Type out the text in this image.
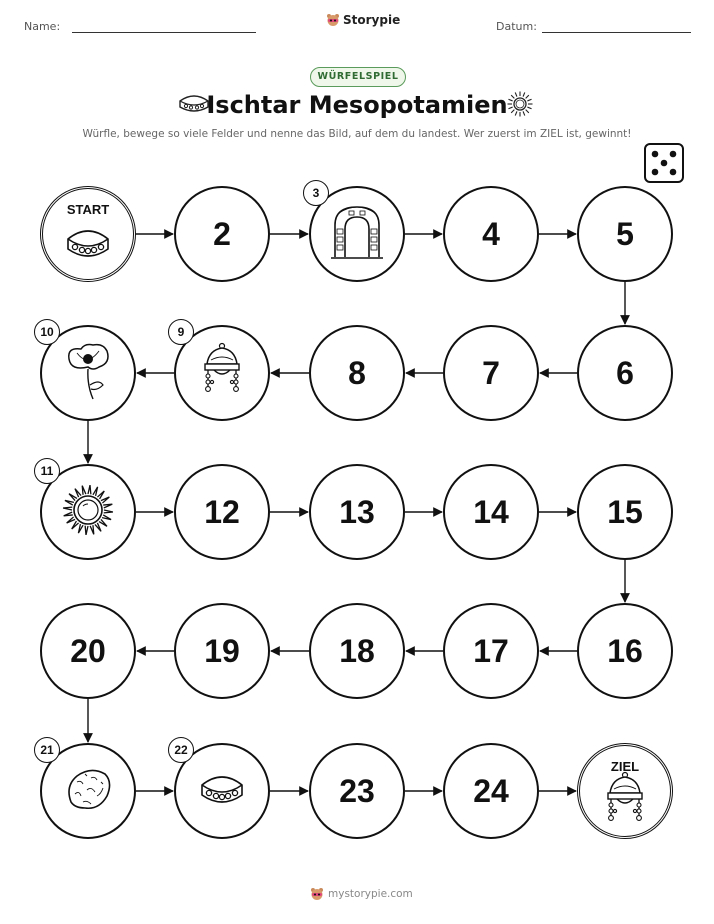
Name:	Storypie	Datum:
WÜRFELSPIEL
Ischtar Mesopotamien
Würfle, bewege so viele Felder und nenne das Bild, auf dem du landest. Wer zuerst im ZIEL ist, gewinnt!
START
2
3
4	5
6
7
8
9
10
11
12	13	14	15
16
17
18
19
20
21	22
23	24
ZIEL
mystorypie.com
